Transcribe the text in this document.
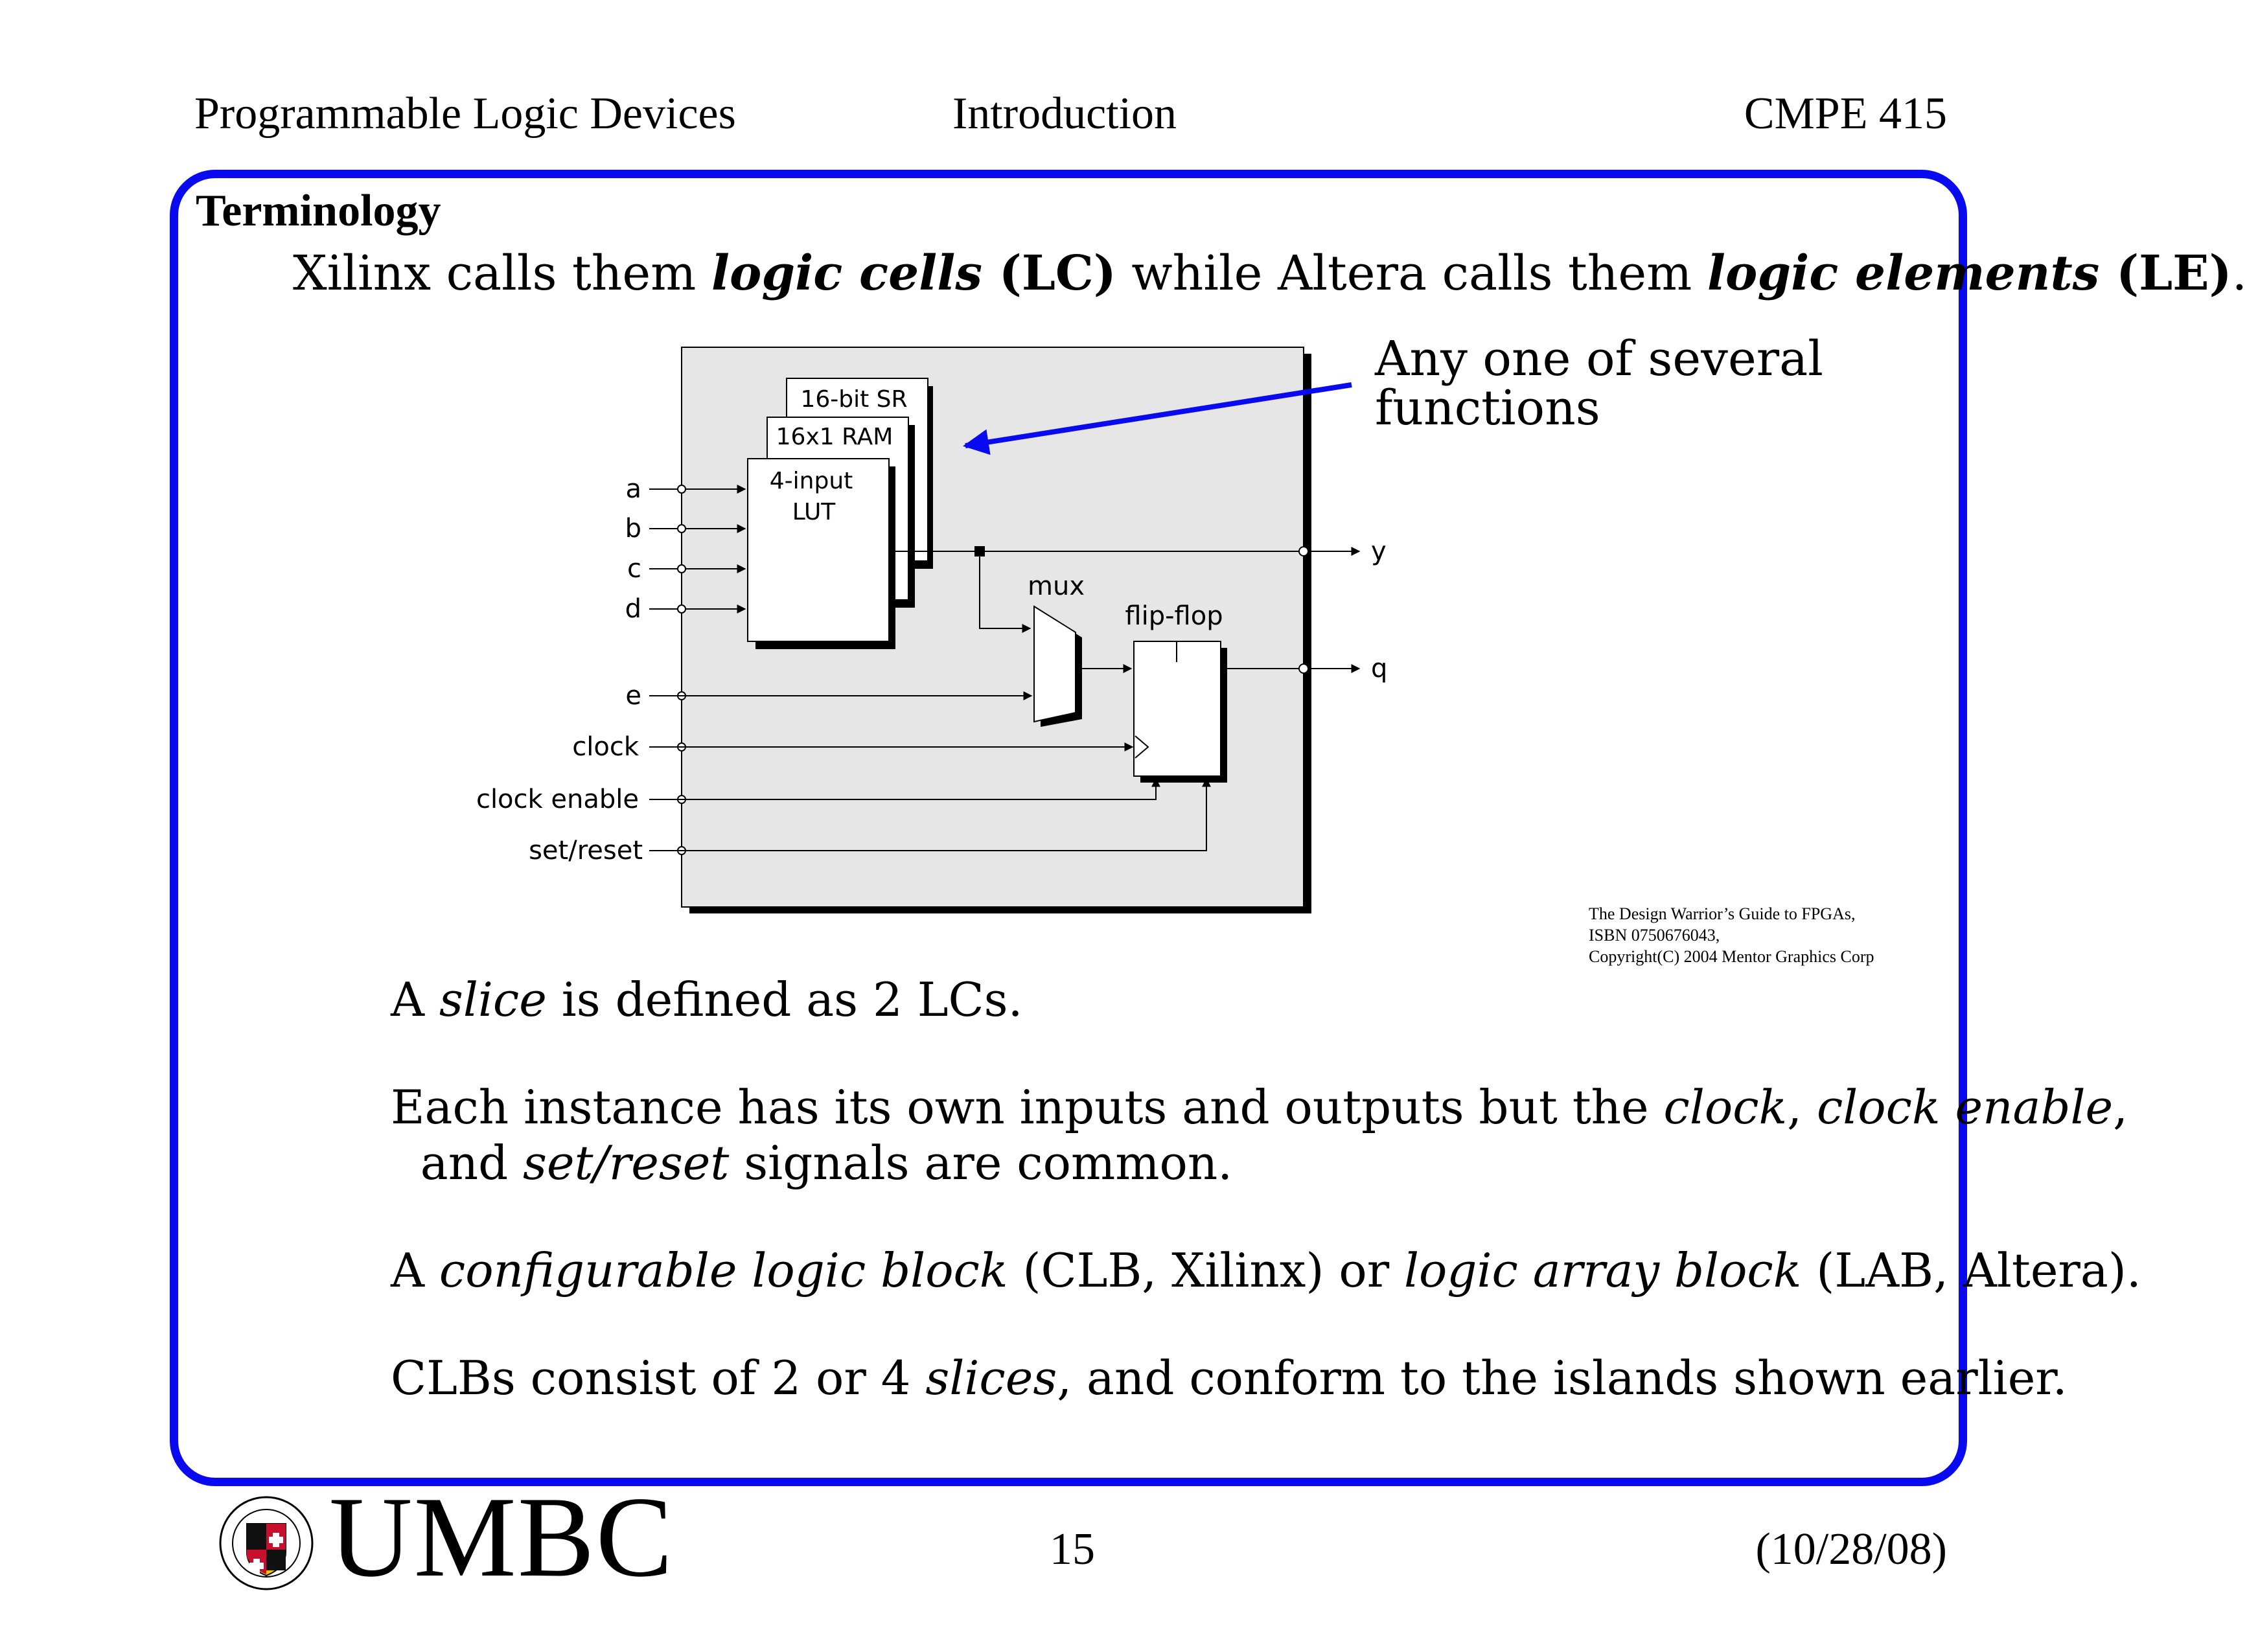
Programmable Logic Devices	Introduction	CMPE 415
Terminology
Xilinx calls them logic cells (LC) while Altera calls them logic elements (LE).
16-bit SR
16x1 RAM
4-input
LUT
a
b
c
d
e
clock
clock enable
set/reset
mux
flip-flop
y
q
Any one of several
functions
The Design Warrior’s Guide to FPGAs,
ISBN 0750676043,
Copyright(C) 2004 Mentor Graphics Corp
A slice is defined as 2 LCs.
Each instance has its own inputs and outputs but the clock, clock enable,
and set/reset signals are common.
A configurable logic block (CLB, Xilinx) or logic array block (LAB, Altera).
CLBs consist of 2 or 4 slices, and conform to the islands shown earlier.
UMBC	15	(10/28/08)
